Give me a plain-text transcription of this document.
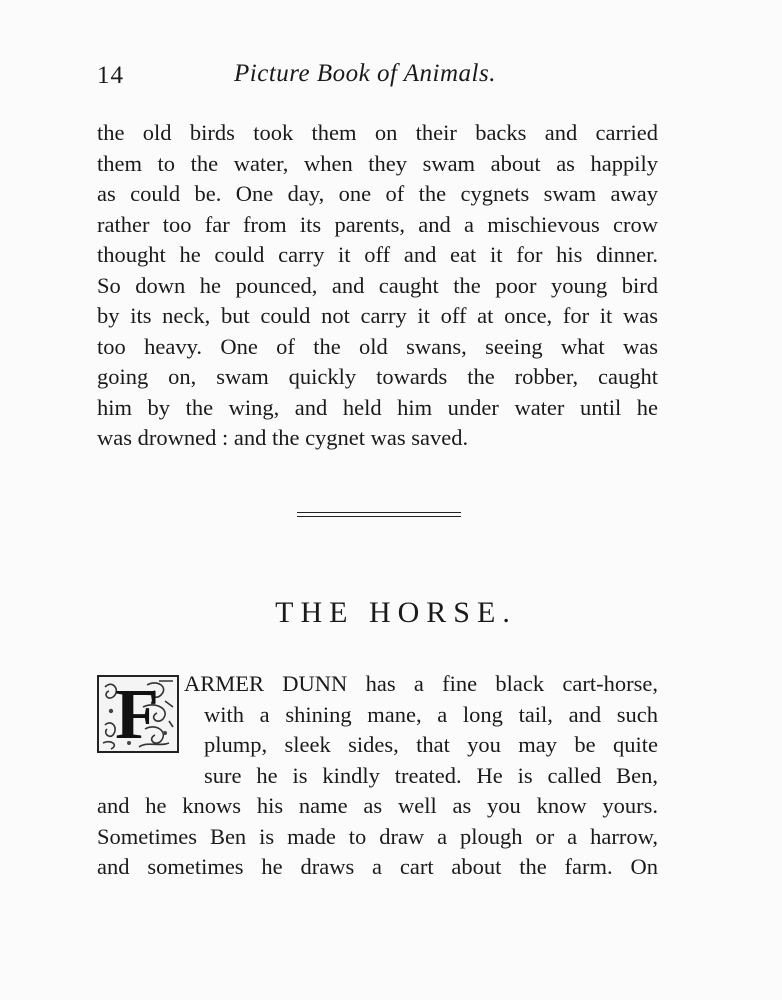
14	Picture Book of Animals.
the old birds took them on their backs and carried
them to the water, when they swam about as happily
as could be. One day, one of the cygnets swam away
rather too far from its parents, and a mischievous crow
thought he could carry it off and eat it for his dinner.
So down he pounced, and caught the poor young bird
by its neck, but could not carry it off at once, for it was
too heavy. One of the old swans, seeing what was
going on, swam quickly towards the robber, caught
him by the wing, and held him under water until he
was drowned : and the cygnet was saved.
THE HORSE.
F ARMER DUNN has a fine black cart-horse,
with a shining mane, a long tail, and such
plump, sleek sides, that you may be quite
sure he is kindly treated. He is called Ben,
and he knows his name as well as you know yours.
Sometimes Ben is made to draw a plough or a harrow,
and sometimes he draws a cart about the farm. On
